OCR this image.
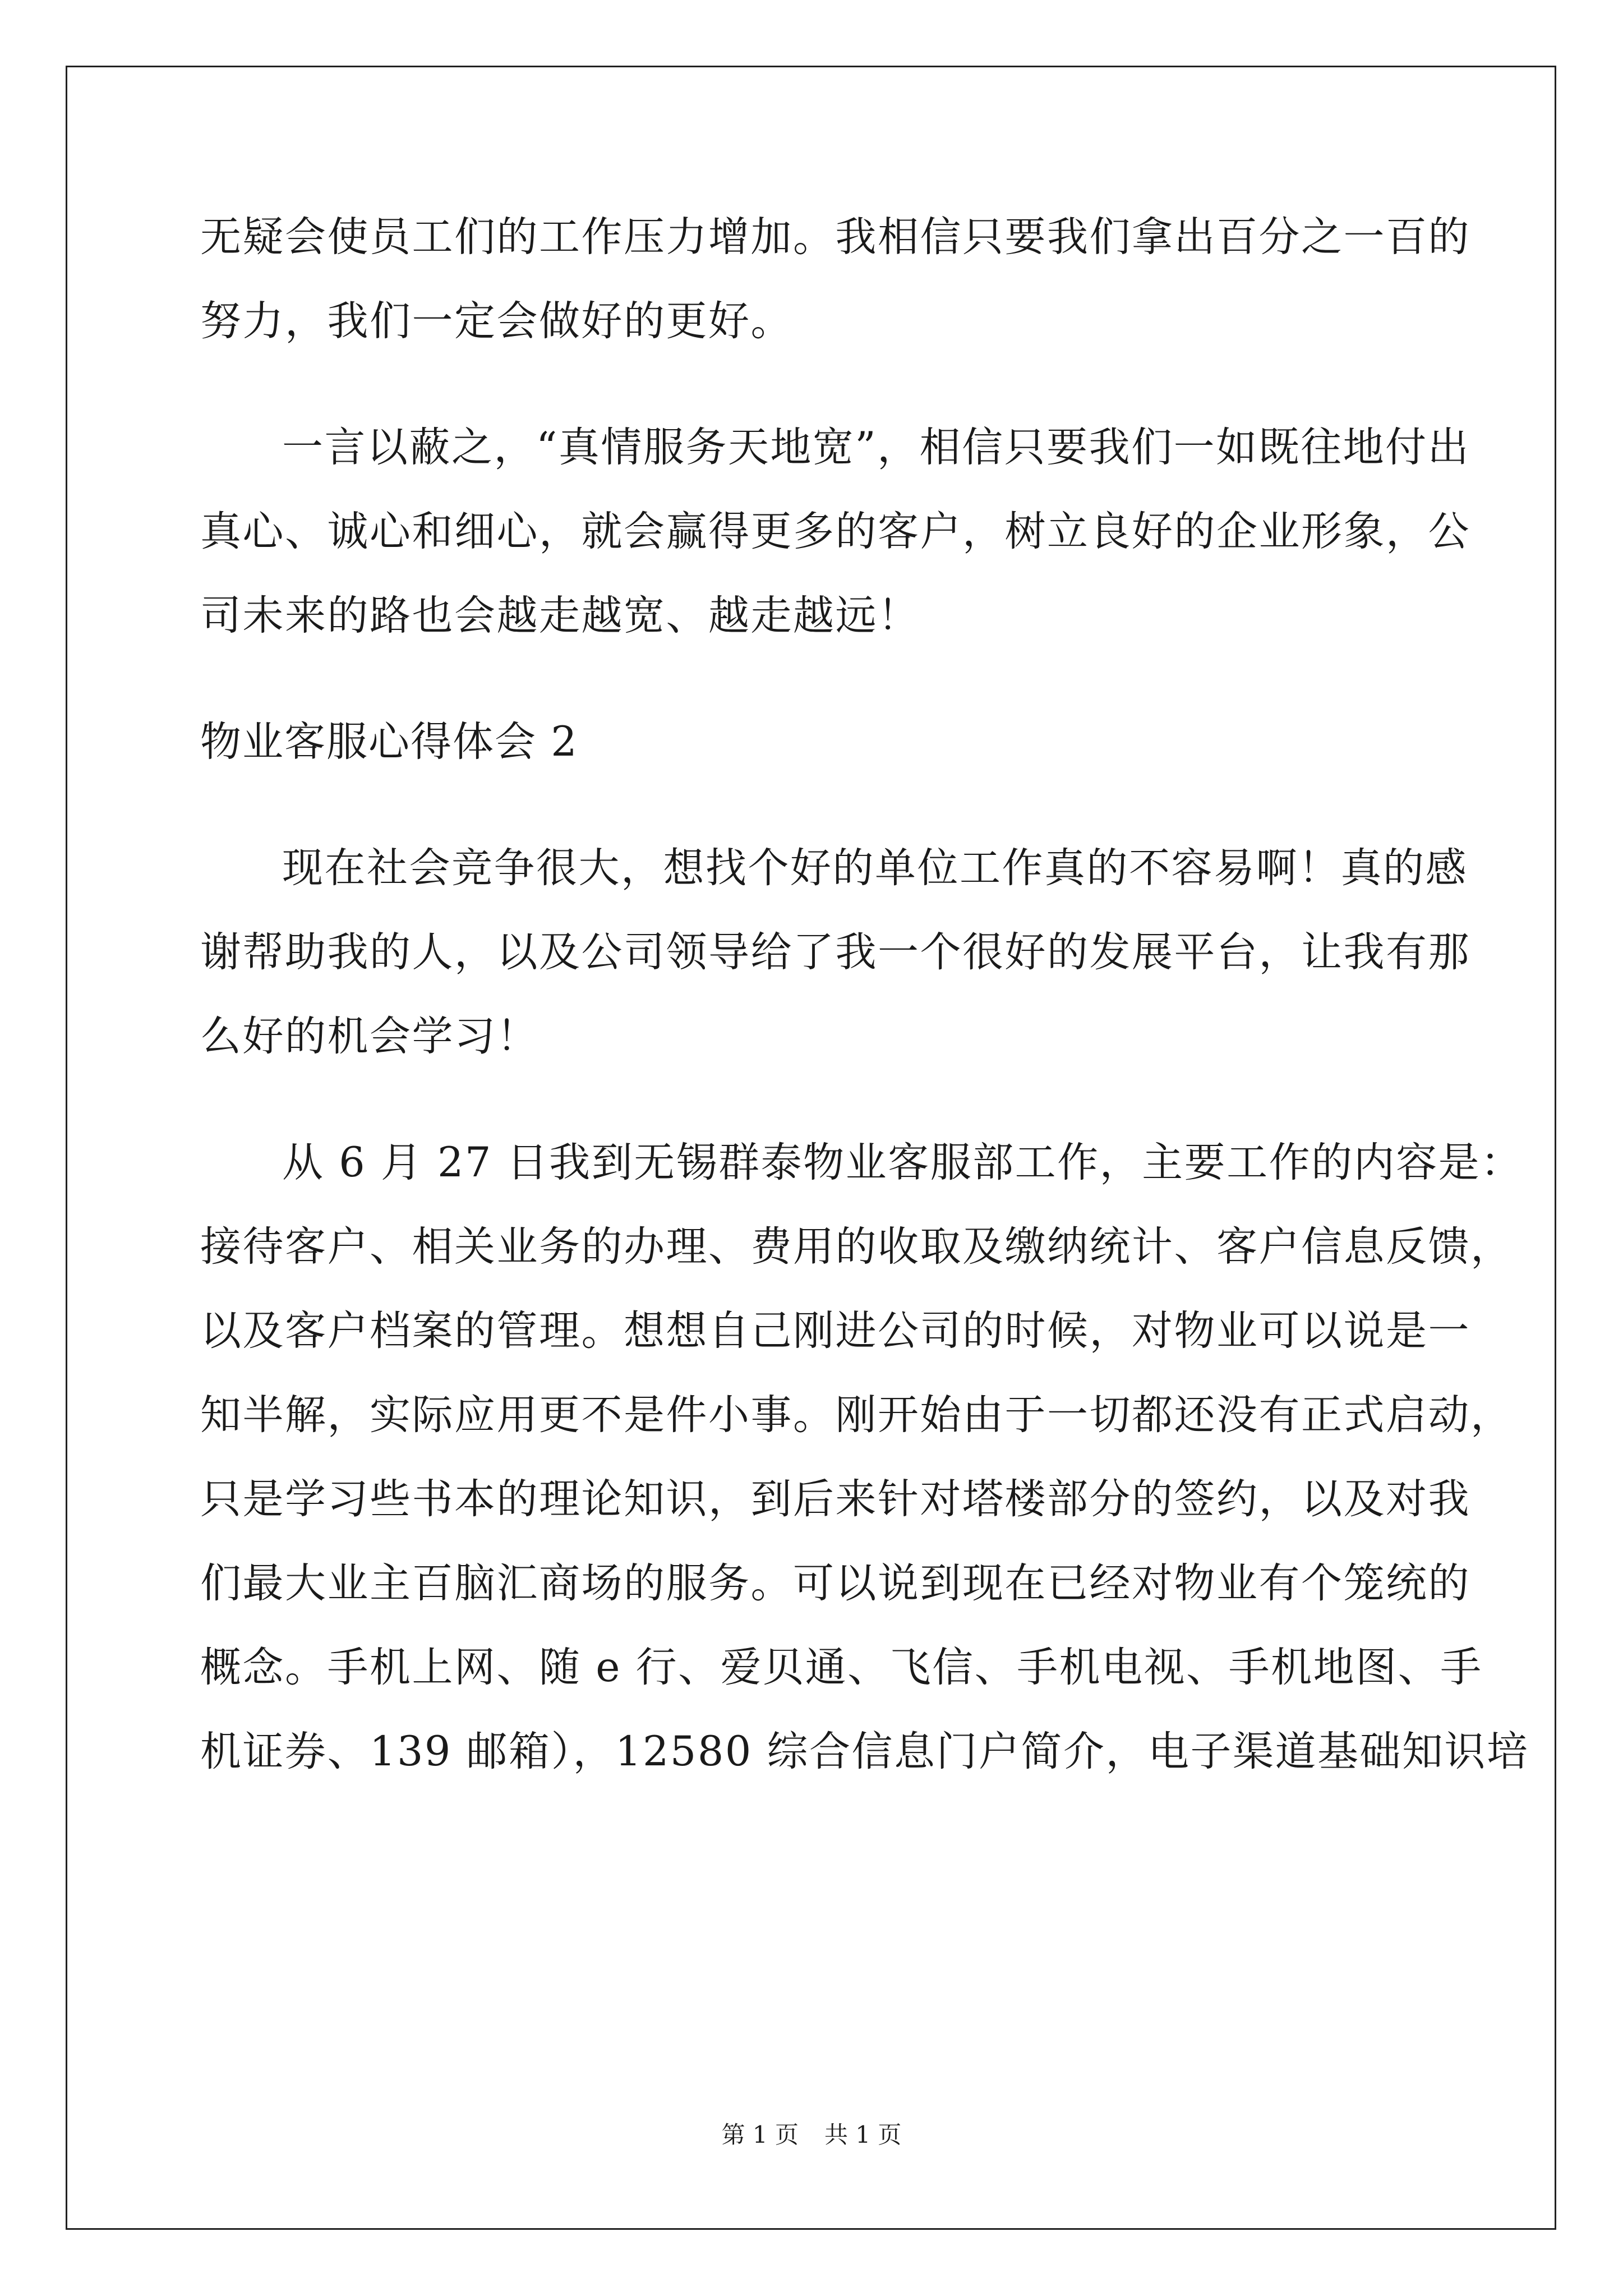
无疑会使员工们的工作压力增加。我相信只要我们拿出百分之一百的
努力，我们一定会做好的更好。
一言以蔽之，“真情服务天地宽”，相信只要我们一如既往地付出
真心、诚心和细心，就会赢得更多的客户，树立良好的企业形象，公
司未来的路也会越走越宽、越走越远！
物业客服心得体会 2
现在社会竞争很大，想找个好的单位工作真的不容易啊！真的感
谢帮助我的人，以及公司领导给了我一个很好的发展平台，让我有那
么好的机会学习！
从 6 月 27 日我到无锡群泰物业客服部工作，主要工作的内容是：
接待客户、相关业务的办理、费用的收取及缴纳统计、客户信息反馈，
以及客户档案的管理。想想自己刚进公司的时候，对物业可以说是一
知半解，实际应用更不是件小事。刚开始由于一切都还没有正式启动，
只是学习些书本的理论知识，到后来针对塔楼部分的签约，以及对我
们最大业主百脑汇商场的服务。可以说到现在已经对物业有个笼统的
概念。手机上网、随 e 行、爱贝通、飞信、手机电视、手机地图、手
机证券、139 邮箱），12580 综合信息门户简介，电子渠道基础知识培
第 1 页 共 1 页
